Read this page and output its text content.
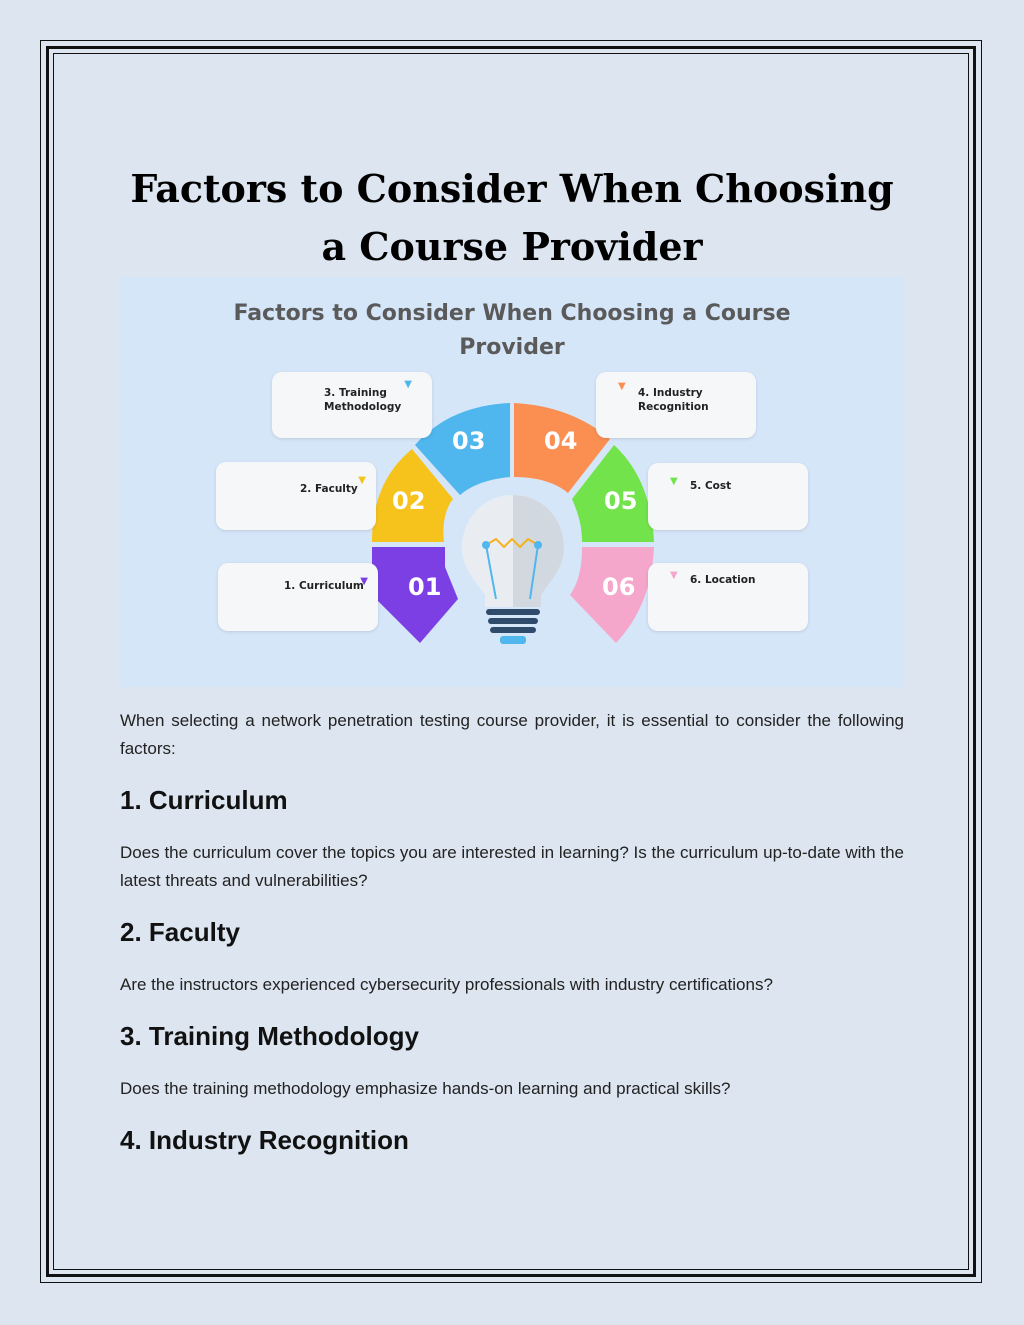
Factors to Consider When Choosing a Course Provider
01
02
03 04
05
06
Factors to Consider When Choosing a Course
Provider
3. Training
Methodology
▼	▼
4. Industry
Recognition
2. Faculty
▼	▼ 5. Cost
1. Curriculum
▼
▼ 6. Location

When selecting a network penetration testing course provider, it is essential to consider the following factors:

1. Curriculum

Does the curriculum cover the topics you are interested in learning? Is the curriculum up-to-date with the latest threats and vulnerabilities?

2. Faculty

Are the instructors experienced cybersecurity professionals with industry certifications?

3. Training Methodology

Does the training methodology emphasize hands-on learning and practical skills?

4. Industry Recognition
